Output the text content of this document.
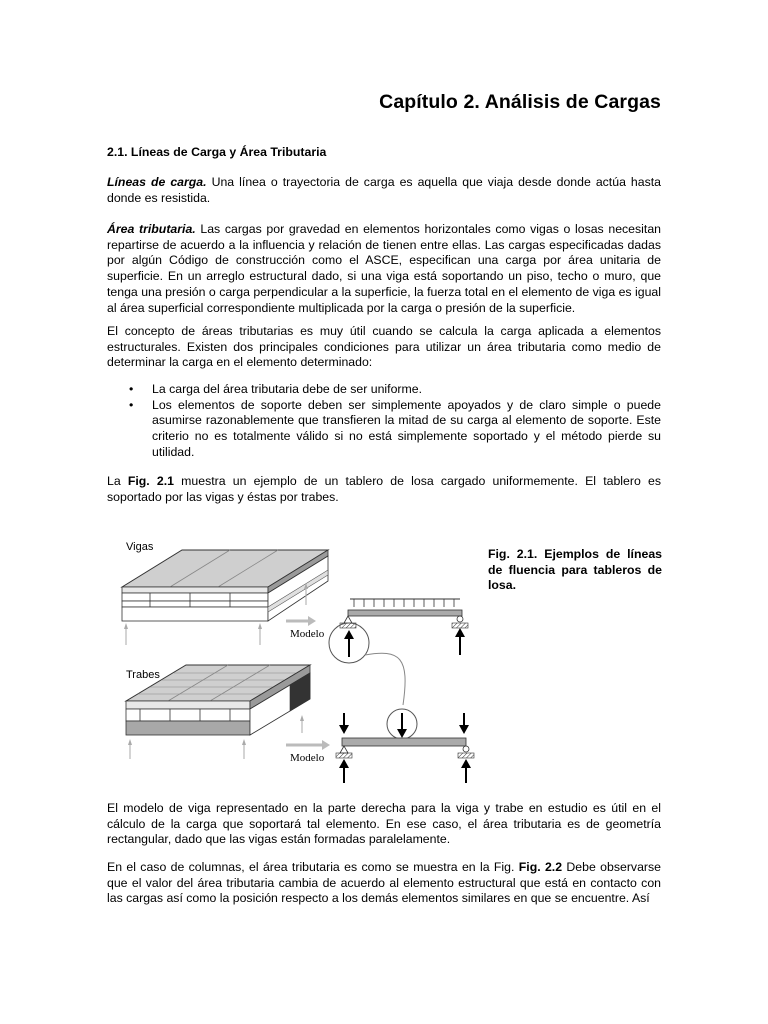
Capítulo 2. Análisis de Cargas
2.1. Líneas de Carga y Área Tributaria
Líneas de carga. Una línea o trayectoria de carga es aquella que viaja desde donde actúa hasta donde es resistida.
Área tributaria. Las cargas por gravedad en elementos horizontales como vigas o losas necesitan repartirse de acuerdo a la influencia y relación de tienen entre ellas. Las cargas especificadas dadas por algún Código de construcción como el ASCE, especifican una carga por área unitaria de superficie. En un arreglo estructural dado, si una viga está soportando un piso, techo o muro, que tenga una presión o carga perpendicular a la superficie, la fuerza total en el elemento de viga es igual al área superficial correspondiente multiplicada por la carga o presión de la superficie.
El concepto de áreas tributarias es muy útil cuando se calcula la carga aplicada a elementos estructurales. Existen dos principales condiciones para utilizar un área tributaria como medio de determinar la carga en el elemento determinado:
• La carga del área tributaria debe de ser uniforme.
• Los elementos de soporte deben ser simplemente apoyados y de claro simple o puede asumirse razonablemente que transfieren la mitad de su carga al elemento de soporte. Este criterio no es totalmente válido si no está simplemente soportado y el método pierde su utilidad.
La Fig. 2.1 muestra un ejemplo de un tablero de losa cargado uniformemente. El tablero es soportado por las vigas y éstas por trabes.
Vigas
Modelo
Trabes
Modelo
Fig. 2.1. Ejemplos de líneas de fluencia para tableros de losa.
El modelo de viga representado en la parte derecha para la viga y trabe en estudio es útil en el cálculo de la carga que soportará tal elemento. En ese caso, el área tributaria es de geometría rectangular, dado que las vigas están formadas paralelamente.
En el caso de columnas, el área tributaria es como se muestra en la Fig. Fig. 2.2 Debe observarse que el valor del área tributaria cambia de acuerdo al elemento estructural que está en contacto con las cargas así como la posición respecto a los demás elementos similares en que se encuentre. Así
